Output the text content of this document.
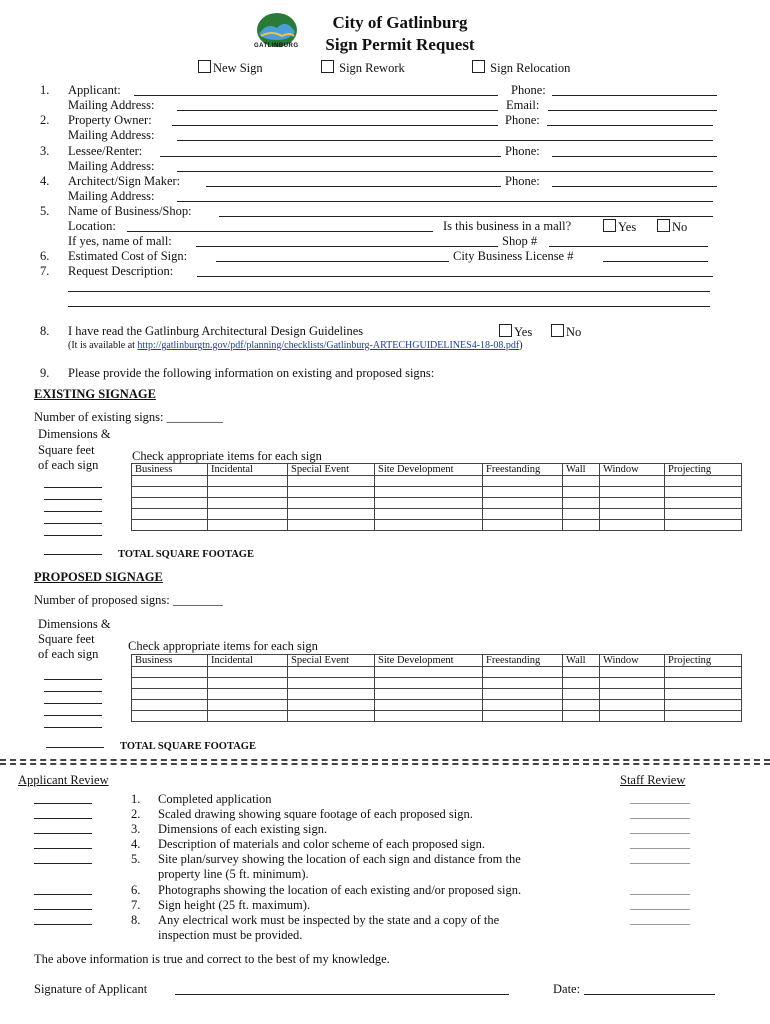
GATLINBURG
City of Gatlinburg
Sign Permit Request
New Sign	Sign Rework	Sign Relocation
1. Applicant:	Phone:
Mailing Address:	Email:
2. Property Owner:	Phone:
Mailing Address:
3. Lessee/Renter:	Phone:
Mailing Address:
4. Architect/Sign Maker:	Phone:
Mailing Address:
5. Name of Business/Shop:
Location:	Is this business in a mall?	Yes	No
If yes, name of mall:	Shop #
6. Estimated Cost of Sign:	City Business License #
7. Request Description:
8. I have read the Gatlinburg Architectural Design Guidelines	Yes	No
(It is available at http://gatlinburgtn.gov/pdf/planning/checklists/Gatlinburg-ARTECHGUIDELINES4-18-08.pdf)
9. Please provide the following information on existing and proposed signs:
EXISTING SIGNAGE
Number of existing signs: _________
Dimensions &
Square feet
of each sign
Check appropriate items for each sign
Business	Incidental	Special Event	Site Development	Freestanding	Wall	Window	Projecting

TOTAL SQUARE FOOTAGE
PROPOSED SIGNAGE
Number of proposed signs: ________
Dimensions &
Square feet
of each sign
Check appropriate items for each sign
Business	Incidental	Special Event	Site Development	Freestanding	Wall	Window	Projecting

TOTAL SQUARE FOOTAGE
Applicant Review	Staff Review
1. Completed application
2. Scaled drawing showing square footage of each proposed sign.
3. Dimensions of each existing sign.
4. Description of materials and color scheme of each proposed sign.
5. Site plan/survey showing the location of each sign and distance from the
property line (5 ft. minimum).
6. Photographs showing the location of each existing and/or proposed sign.
7. Sign height (25 ft. maximum).
8. Any electrical work must be inspected by the state and a copy of the
inspection must be provided.
The above information is true and correct to the best of my knowledge.
Signature of Applicant	Date:
